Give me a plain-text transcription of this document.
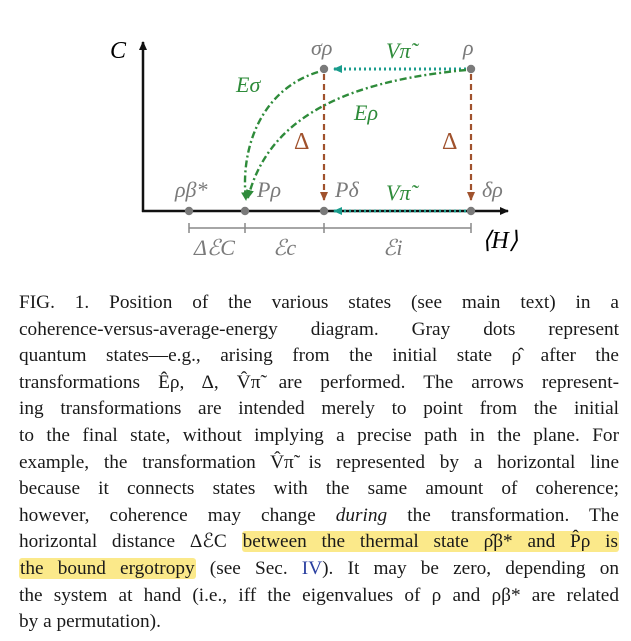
C
⟨H⟩
ΔℰC ℰc	ℰi
Vπ̃
Vπ̃
Δ	Δ
Eσ
Eρ
ρ
σρ
ρβ* Pρ Pδ	δρ
FIG. 1. Position of the various states (see main text) in a
coherence-versus-average-energy diagram. Gray dots represent
quantum states—e.g., arising from the initial state ρ̂ after the
transformations Êρ, Δ, V̂π̃ are performed. The arrows represent-
ing transformations are intended merely to point from the initial
to the final state, without implying a precise path in the plane. For
example, the transformation V̂π̃ is represented by a horizontal line
because it connects states with the same amount of coherence;
however, coherence may change during the transformation. The
horizontal distance ΔℰC between the thermal state ρ̂β* and P̂ρ is
the bound ergotropy (see Sec. IV). It may be zero, depending on
the system at hand (i.e., iff the eigenvalues of ρ and ρβ* are related
by a permutation).
